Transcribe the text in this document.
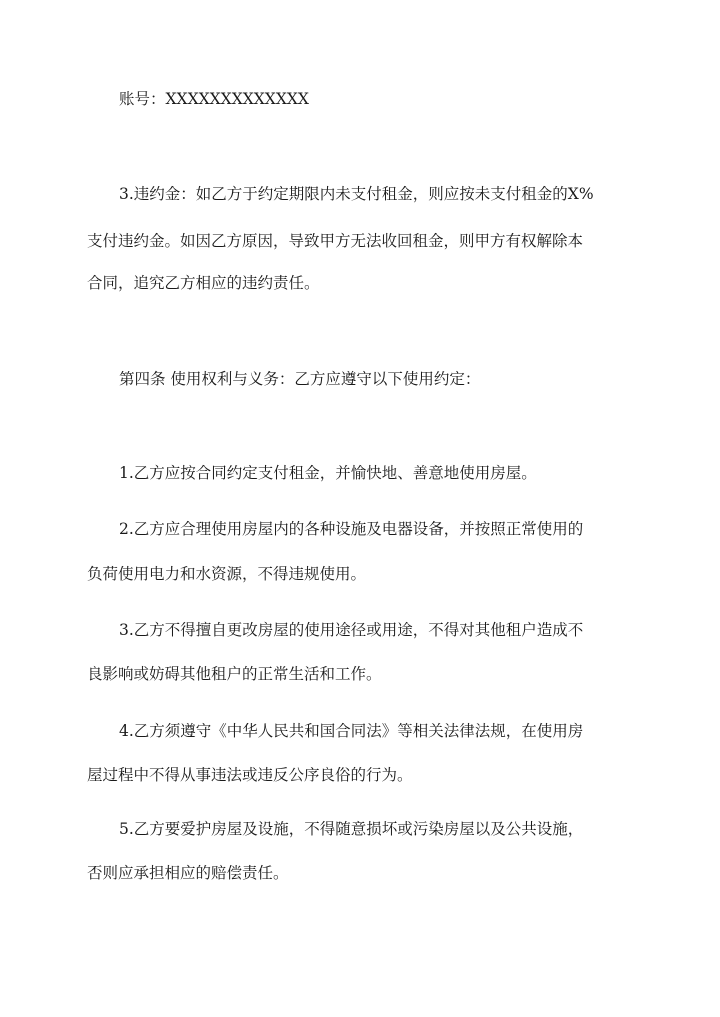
账号：XXXXXXXXXXXXX
3.违约金：如乙方于约定期限内未支付租金，则应按未支付租金的X%
支付违约金。如因乙方原因，导致甲方无法收回租金，则甲方有权解除本
合同，追究乙方相应的违约责任。
第四条 使用权利与义务：乙方应遵守以下使用约定：
1.乙方应按合同约定支付租金，并愉快地、善意地使用房屋。
2.乙方应合理使用房屋内的各种设施及电器设备，并按照正常使用的
负荷使用电力和水资源，不得违规使用。
3.乙方不得擅自更改房屋的使用途径或用途，不得对其他租户造成不
良影响或妨碍其他租户的正常生活和工作。
4.乙方须遵守《中华人民共和国合同法》等相关法律法规，在使用房
屋过程中不得从事违法或违反公序良俗的行为。
5.乙方要爱护房屋及设施，不得随意损坏或污染房屋以及公共设施，
否则应承担相应的赔偿责任。
